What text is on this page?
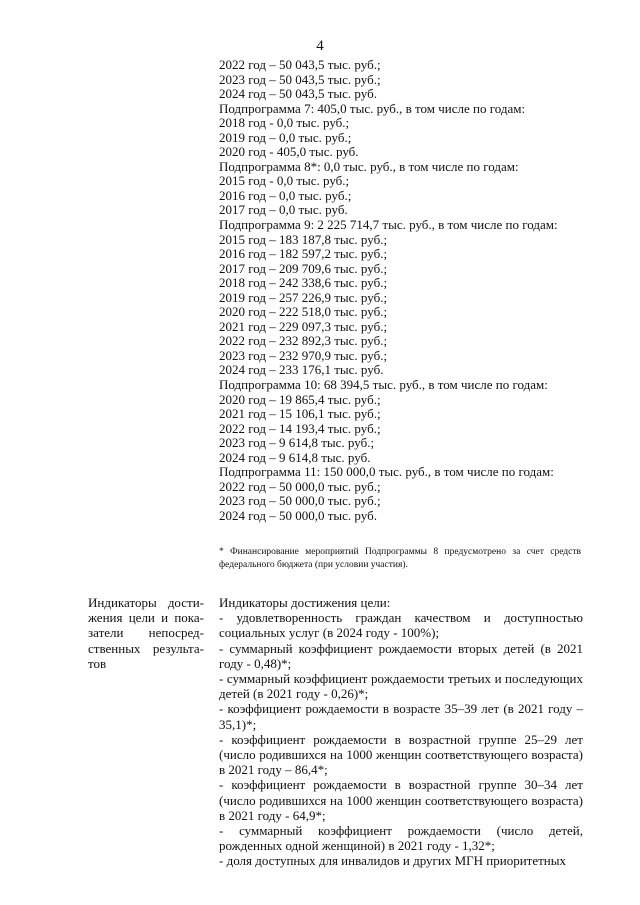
4
2022 год – 50 043,5 тыс. руб.;
2023 год – 50 043,5 тыс. руб.;
2024 год – 50 043,5 тыс. руб.
Подпрограмма 7: 405,0 тыс. руб., в том числе по годам:
2018 год - 0,0 тыс. руб.;
2019 год – 0,0 тыс. руб.;
2020 год - 405,0 тыс. руб.
Подпрограмма 8*: 0,0 тыс. руб., в том числе по годам:
2015 год - 0,0 тыс. руб.;
2016 год – 0,0 тыс. руб.;
2017 год – 0,0 тыс. руб.
Подпрограмма 9: 2 225 714,7 тыс. руб., в том числе по годам:
2015 год – 183 187,8 тыс. руб.;
2016 год – 182 597,2 тыс. руб.;
2017 год – 209 709,6 тыс. руб.;
2018 год – 242 338,6 тыс. руб.;
2019 год – 257 226,9 тыс. руб.;
2020 год – 222 518,0 тыс. руб.;
2021 год – 229 097,3 тыс. руб.;
2022 год – 232 892,3 тыс. руб.;
2023 год – 232 970,9 тыс. руб.;
2024 год – 233 176,1 тыс. руб.
Подпрограмма 10: 68 394,5 тыс. руб., в том числе по годам:
2020 год – 19 865,4 тыс. руб.;
2021 год – 15 106,1 тыс. руб.;
2022 год – 14 193,4 тыс. руб.;
2023 год – 9 614,8 тыс. руб.;
2024 год – 9 614,8 тыс. руб.
Подпрограмма 11: 150 000,0 тыс. руб., в том числе по годам:
2022 год – 50 000,0 тыс. руб.;
2023 год – 50 000,0 тыс. руб.;
2024 год – 50 000,0 тыс. руб.
* Финансирование мероприятий Подпрограммы 8 предусмотрено за счет средств федерального бюджета (при условии участия).
Индикаторы дости-
жения цели и пока-
затели непосред-
ственных результа-
тов
Индикаторы достижения цели:
- удовлетворенность граждан качеством и доступностью социальных услуг (в 2024 году - 100%);
- суммарный коэффициент рождаемости вторых детей (в 2021 году - 0,48)*;
- суммарный коэффициент рождаемости третьих и последующих детей (в 2021 году - 0,26)*;
- коэффициент рождаемости в возрасте 35–39 лет (в 2021 году – 35,1)*;
- коэффициент рождаемости в возрастной группе 25–29 лет (число родившихся на 1000 женщин соответствующего возраста) в 2021 году – 86,4*;
- коэффициент рождаемости в возрастной группе 30–34 лет (число родившихся на 1000 женщин соответствующего возраста) в 2021 году - 64,9*;
- суммарный коэффициент рождаемости (число детей, рожденных одной женщиной) в 2021 году - 1,32*;
- доля доступных для инвалидов и других МГН приоритетных
